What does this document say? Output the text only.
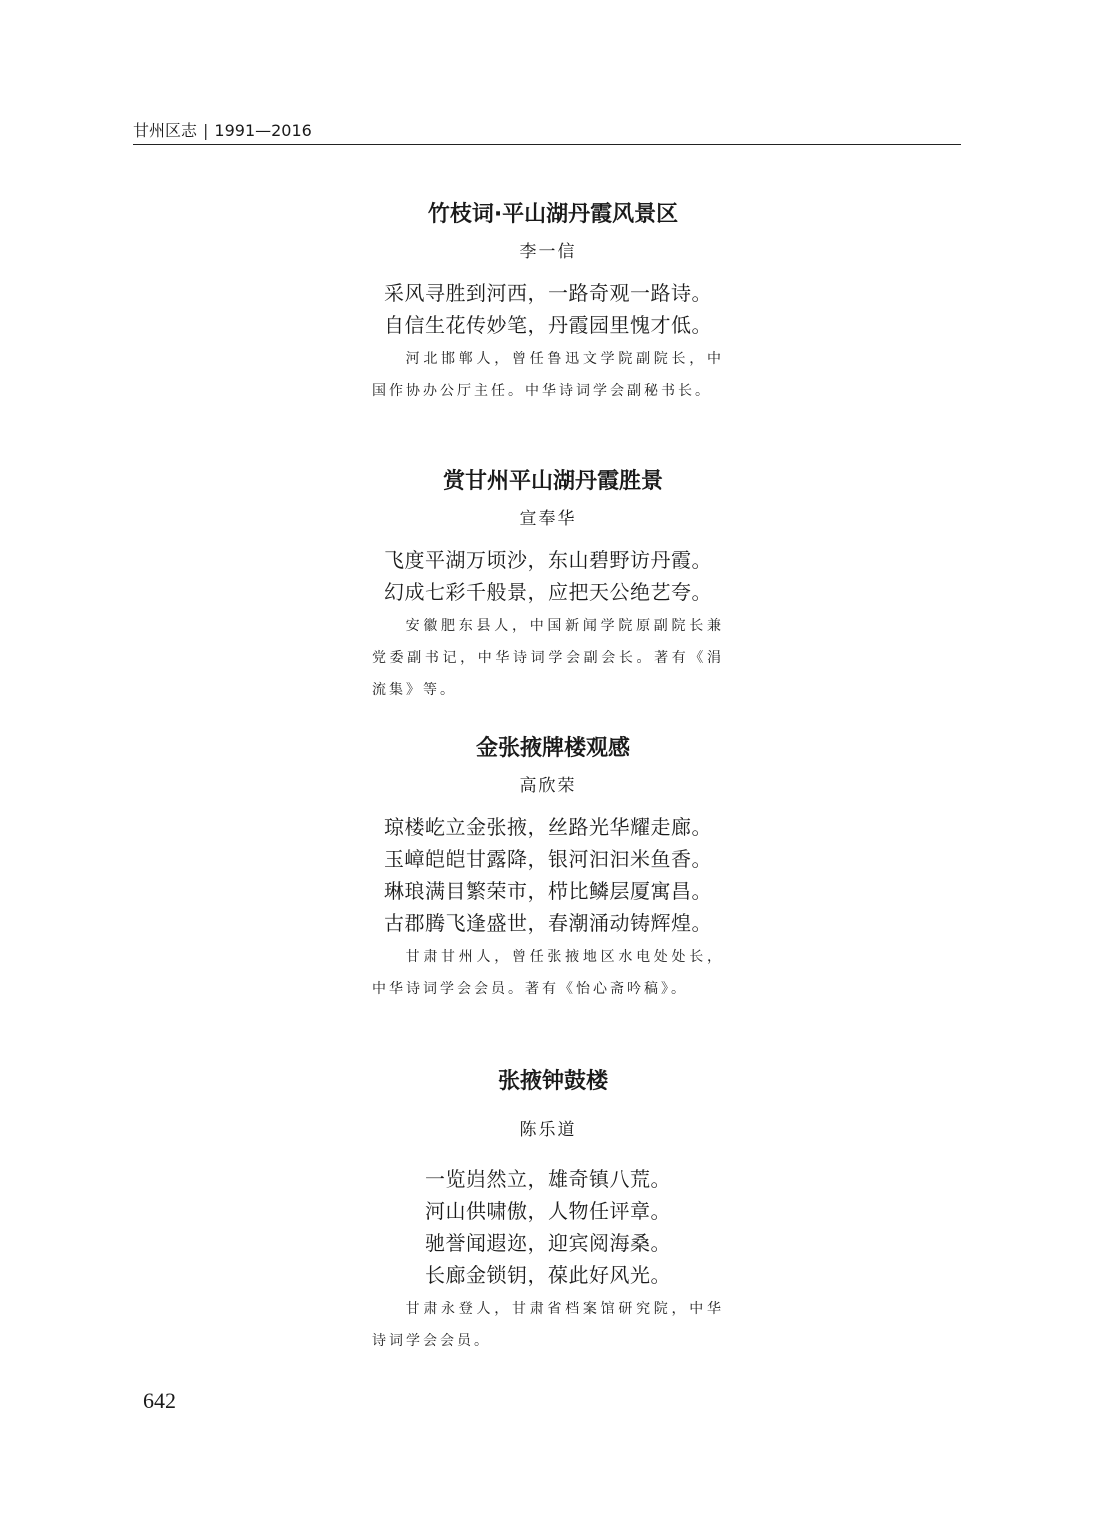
甘州区志 | 1991—2016
竹枝词·平山湖丹霞风景区
李一信
采风寻胜到河西，一路奇观一路诗。
自信生花传妙笔，丹霞园里愧才低。
河北邯郸人，曾任鲁迅文学院副院长，中国作协办公厅主任。中华诗词学会副秘书长。
赏甘州平山湖丹霞胜景
宣奉华
飞度平湖万顷沙，东山碧野访丹霞。
幻成七彩千般景，应把天公绝艺夸。
安徽肥东县人，中国新闻学院原副院长兼党委副书记，中华诗词学会副会长。著有《涓流集》等。
金张掖牌楼观感
高欣荣
琼楼屹立金张掖，丝路光华耀走廊。
玉嶂皑皑甘露降，银河汩汩米鱼香。
琳琅满目繁荣市，栉比鳞层厦寓昌。
古郡腾飞逢盛世，春潮涌动铸辉煌。
甘肃甘州人，曾任张掖地区水电处处长，中华诗词学会会员。著有《怡心斋吟稿》。
张掖钟鼓楼
陈乐道
一览岿然立，雄奇镇八荒。
河山供啸傲，人物任评章。
驰誉闻遐迩，迎宾阅海桑。
长廊金锁钥，葆此好风光。
甘肃永登人，甘肃省档案馆研究院，中华诗词学会会员。
642
